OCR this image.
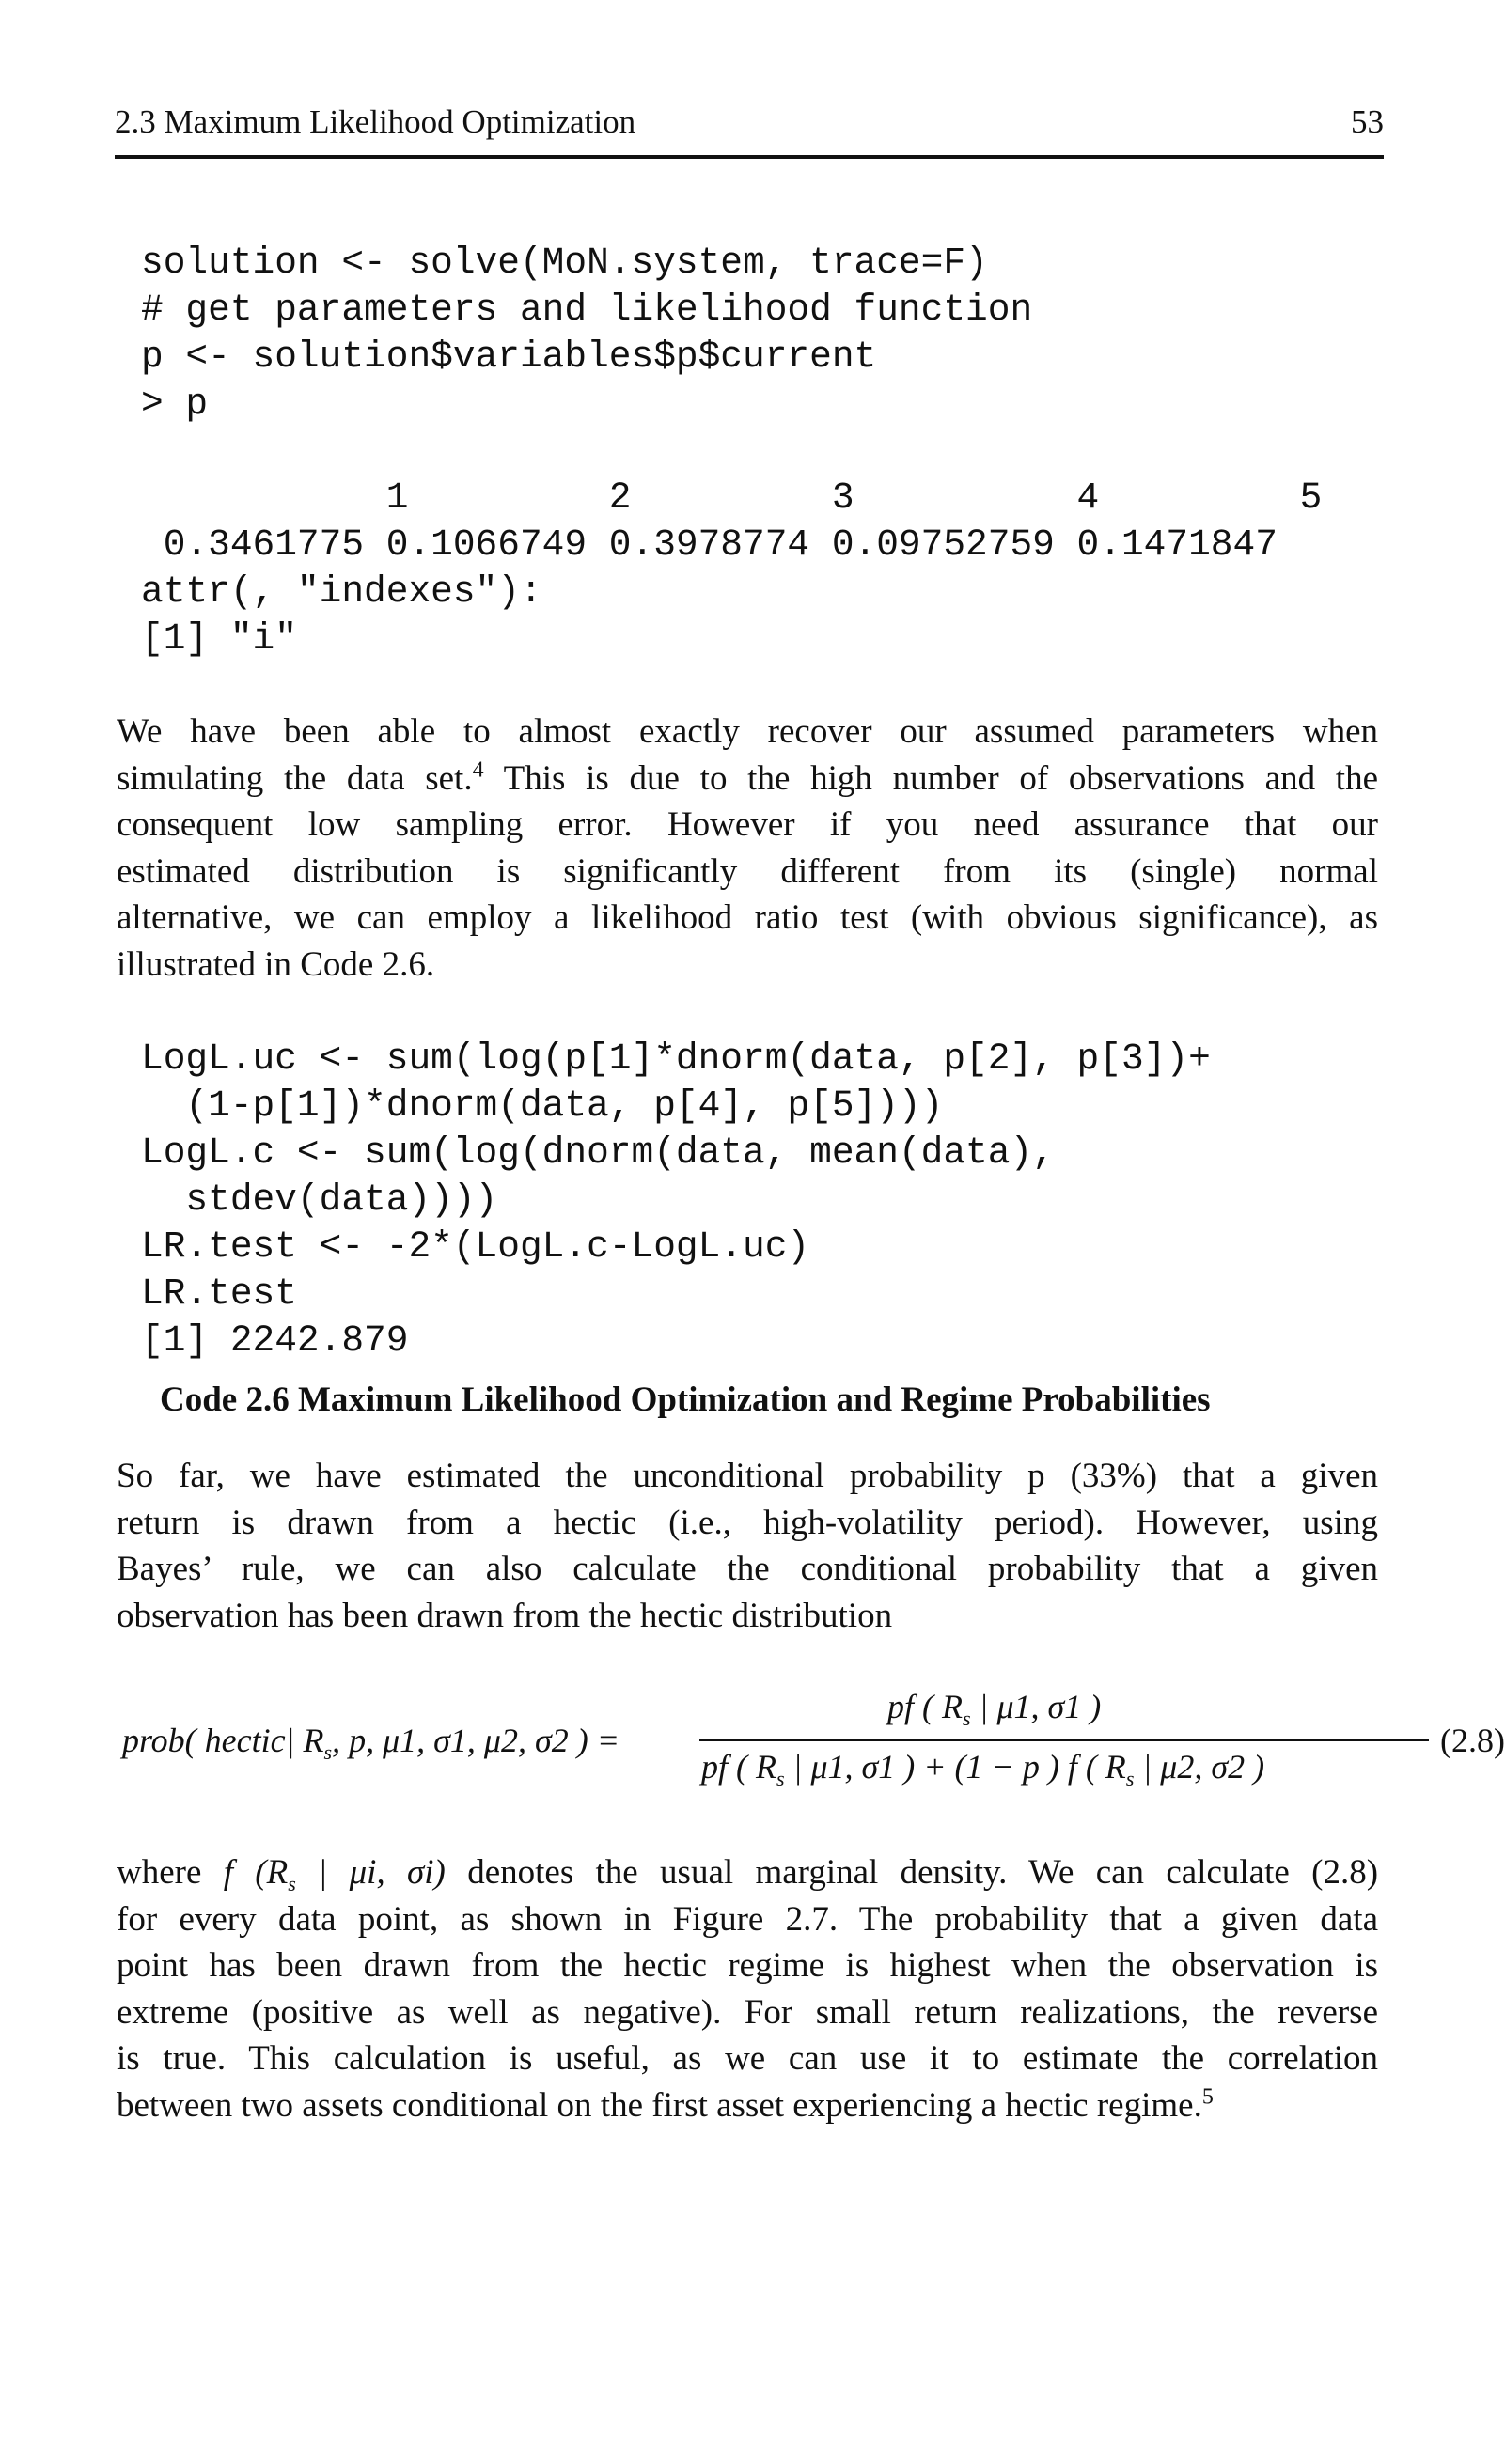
2.3 Maximum Likelihood Optimization	53
solution <- solve(MoN.system, trace=F)
# get parameters and likelihood function
p <- solution$variables$p$current
> p
1         2         3          4         5
0.3461775 0.1066749 0.3978774 0.09752759 0.1471847
attr(, "indexes"):
[1] "i"
We have been able to almost exactly recover our assumed parameters when
simulating the data set.$^4$ This is due to the high number of observations and the
consequent low sampling error. However if you need assurance that our
estimated distribution is significantly different from its (single) normal
alternative, we can employ a likelihood ratio test (with obvious significance), as
illustrated in Code 2.6.
LogL.uc <- sum(log(p[1]*dnorm(data, p[2], p[3])+
(1-p[1])*dnorm(data, p[4], p[5])))
LogL.c <- sum(log(dnorm(data, mean(data),
stdev(data))))
LR.test <- -2*(LogL.c-LogL.uc)
LR.test
[1] 2242.879
Code 2.6 Maximum Likelihood Optimization and Regime Probabilities
So far, we have estimated the unconditional probability p (33%) that a given
return is drawn from a hectic (i.e., high-volatility period). However, using
Bayes’ rule, we can also calculate the conditional probability that a given
observation has been drawn from the hectic distribution
prob( hectic| $R_s$, p, μ1, σ1, μ2, σ2 ) =
pf ( $R_s$ | μ1, σ1 )
pf ( $R_s$ | μ1, σ1 ) + (1 − p ) f ( $R_s$ | μ2, σ2 )
(2.8)
where f ($R_s$ | μi, σi) denotes the usual marginal density. We can calculate (2.8)
for every data point, as shown in Figure 2.7. The probability that a given data
point has been drawn from the hectic regime is highest when the observation is
extreme (positive as well as negative). For small return realizations, the reverse
is true. This calculation is useful, as we can use it to estimate the correlation
between two assets conditional on the first asset experiencing a hectic regime.$^5$
